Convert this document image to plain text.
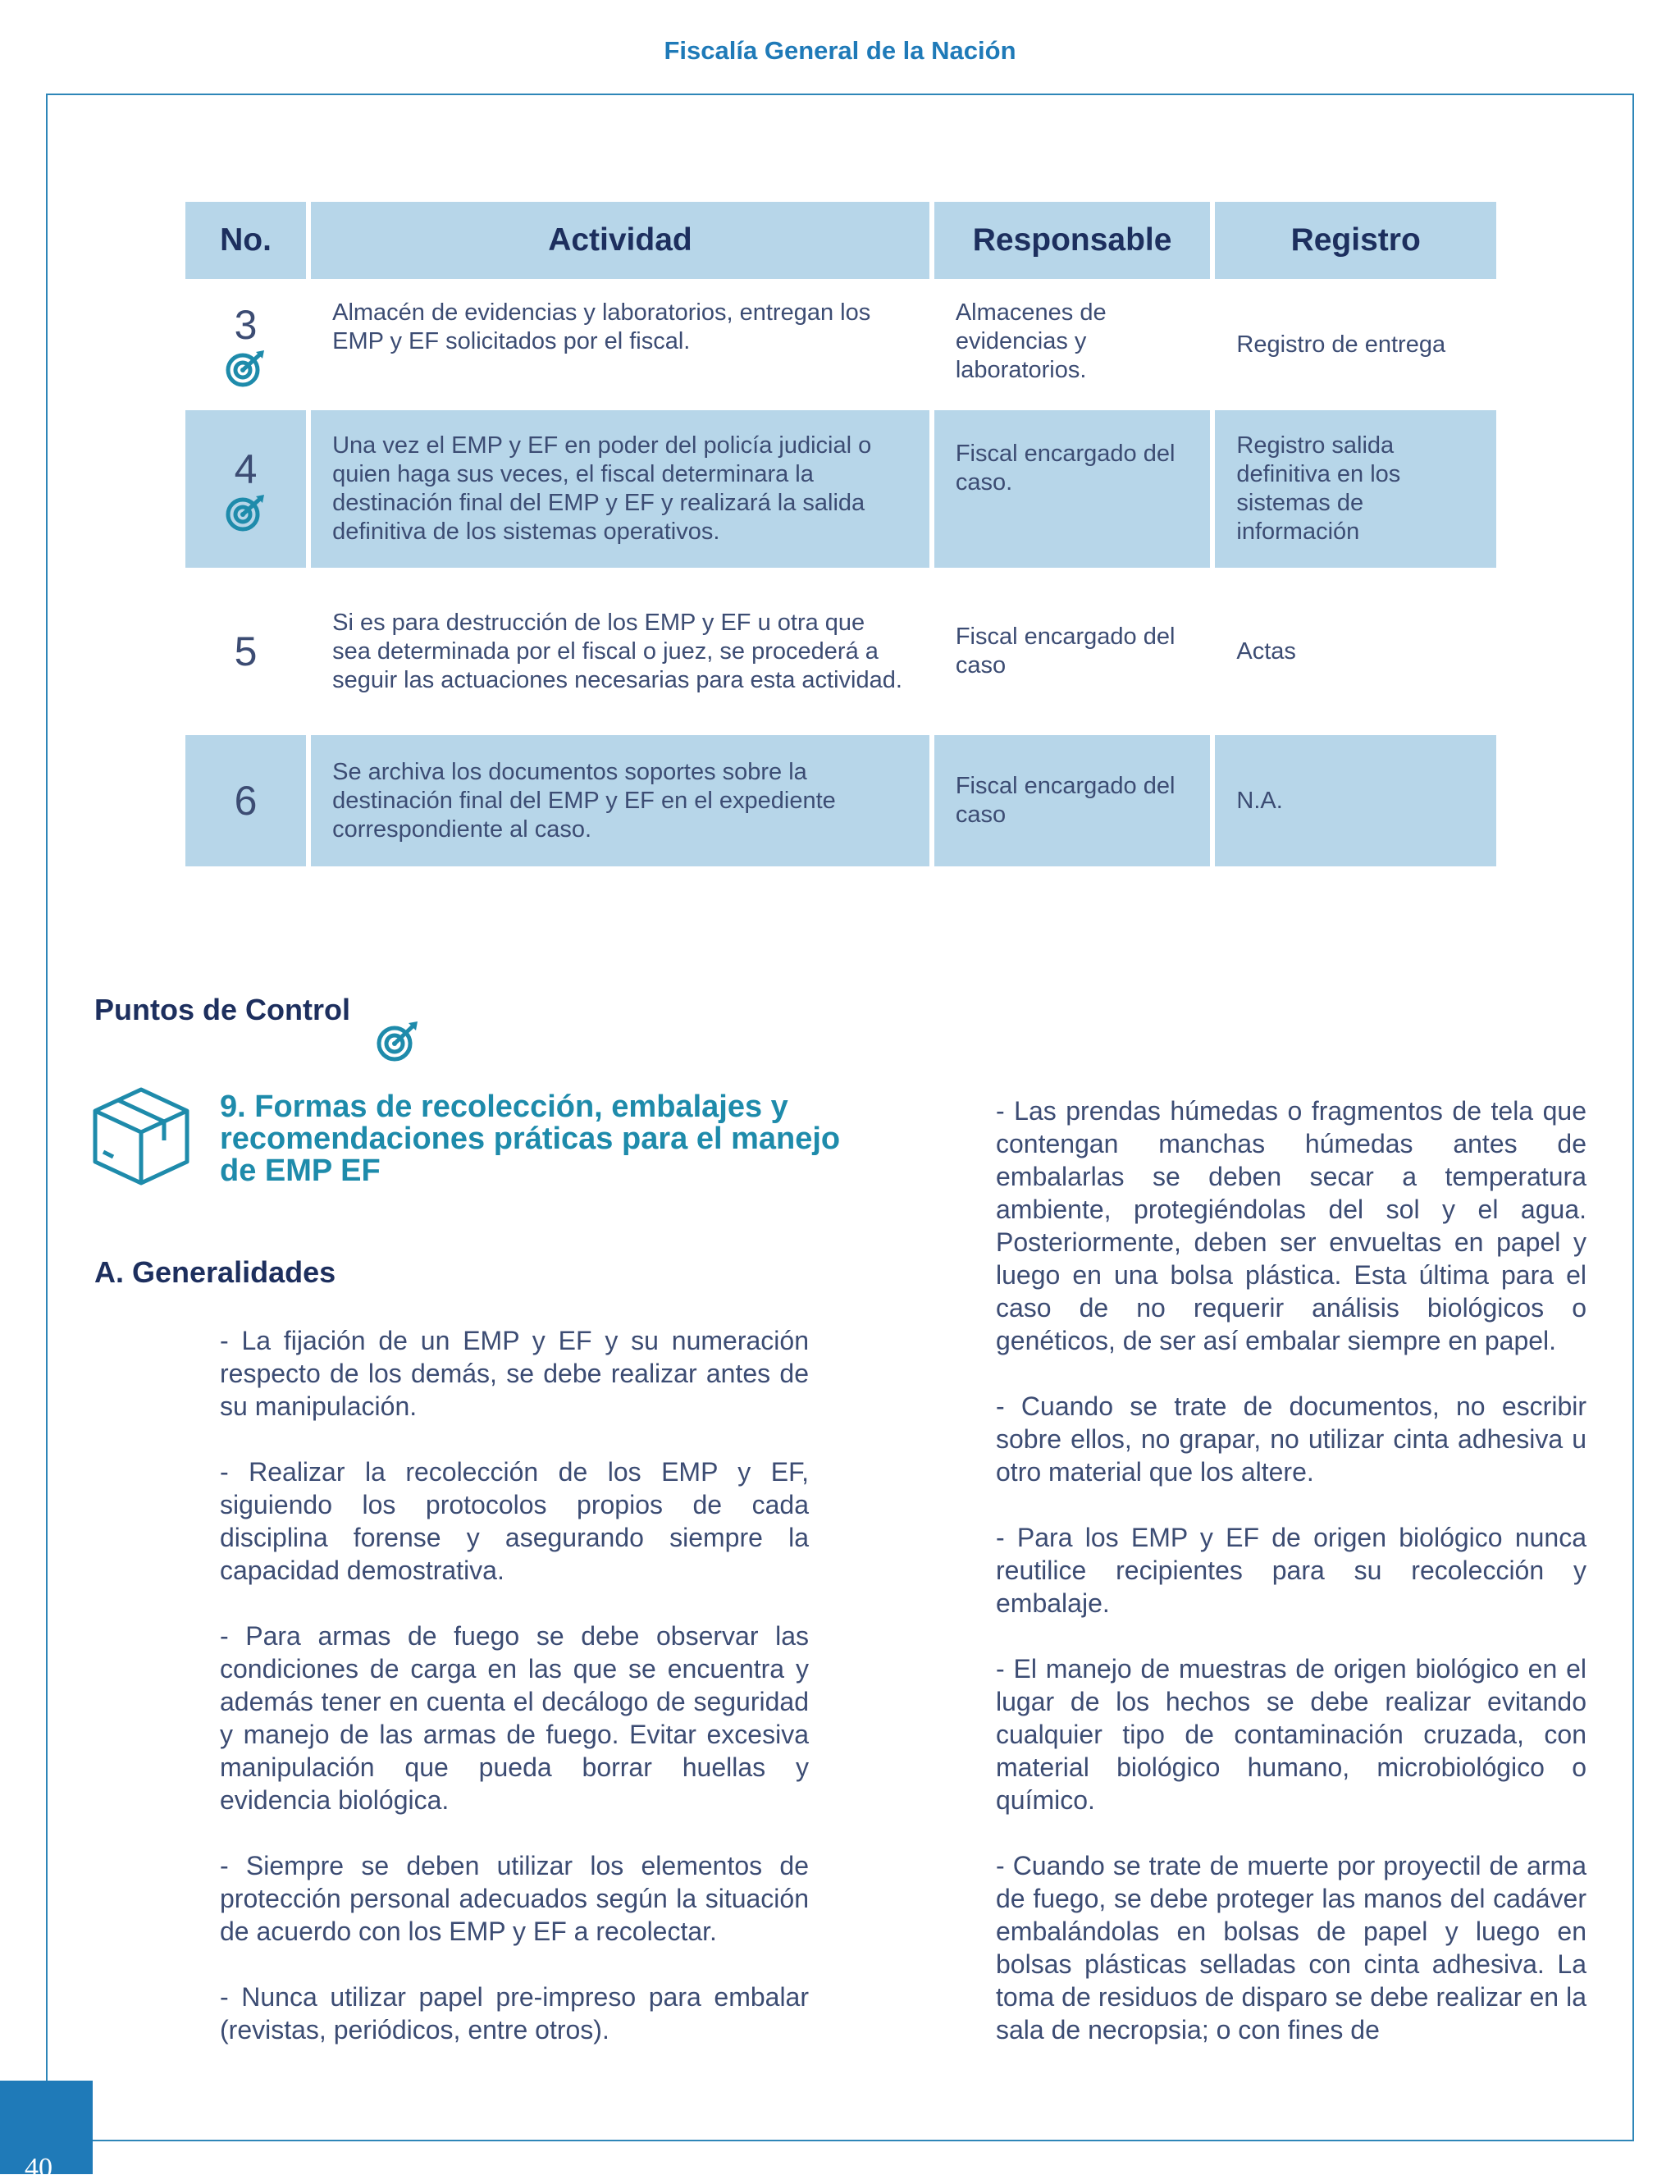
Fiscalía General de la Nación
No.	Actividad	Responsable	Registro

3	Almacén de evidencias y laboratorios, entregan los EMP y EF solicitados por el fiscal.	Almacenes de evidencias y laboratorios.	Registro de entrega

4	Una vez el EMP y EF en poder del policía judicial o quien haga sus veces, el fiscal determinara la destinación final del EMP y EF y realizará la salida definitiva de los sistemas operativos.	Fiscal encargado del caso.	Registro salida definitiva en los sistemas de información
5	Si es para destrucción de los EMP y EF u otra que sea determinada por el fiscal o juez, se procederá a seguir las actuaciones necesarias para esta actividad.	Fiscal encargado del caso	Actas
6	Se archiva los documentos soportes sobre la destinación final del EMP y EF en el expediente correspondiente al caso.	Fiscal encargado del caso	N.A.
Puntos de Control
9. Formas de recolección, embalajes y recomendaciones práticas para el manejo de EMP EF
A. Generalidades

- La fijación de un EMP y EF y su numeración respecto de los demás, se debe realizar antes de su manipulación.

- Realizar la recolección de los EMP y EF, siguiendo los protocolos propios de cada disciplina forense y asegurando siempre la capacidad demostrativa.

- Para armas de fuego se debe observar las condiciones de carga en las que se encuentra y además tener en cuenta el decálogo de seguridad y manejo de las armas de fuego. Evitar excesiva manipulación que pueda borrar huellas y evidencia biológica.

- Siempre se deben utilizar los elementos de protección personal adecuados según la situación de acuerdo con los EMP y EF a recolectar.

- Nunca utilizar papel pre-impreso para embalar (revistas, periódicos, entre otros).

- Las prendas húmedas o fragmentos de tela que contengan manchas húmedas antes de embalarlas se deben secar a temperatura ambiente, protegiéndolas del sol y el agua. Posteriormente, deben ser envueltas en papel y luego en una bolsa plástica. Esta última para el caso de no requerir análisis biológicos o genéticos, de ser así embalar siempre en papel.

- Cuando se trate de documentos, no escribir sobre ellos, no grapar, no utilizar cinta adhesiva u otro material que los altere.

- Para los EMP y EF de origen biológico nunca reutilice recipientes para su recolección y embalaje.

- El manejo de muestras de origen biológico en el lugar de los hechos se debe realizar evitando cualquier tipo de contaminación cruzada, con material biológico humano, microbiológico o químico.

- Cuando se trate de muerte por proyectil de arma de fuego, se debe proteger las manos del cadáver embalándolas en bolsas de papel y luego en bolsas plásticas selladas con cinta adhesiva. La toma de residuos de disparo se debe realizar en la sala de necropsia; o con fines de

40
